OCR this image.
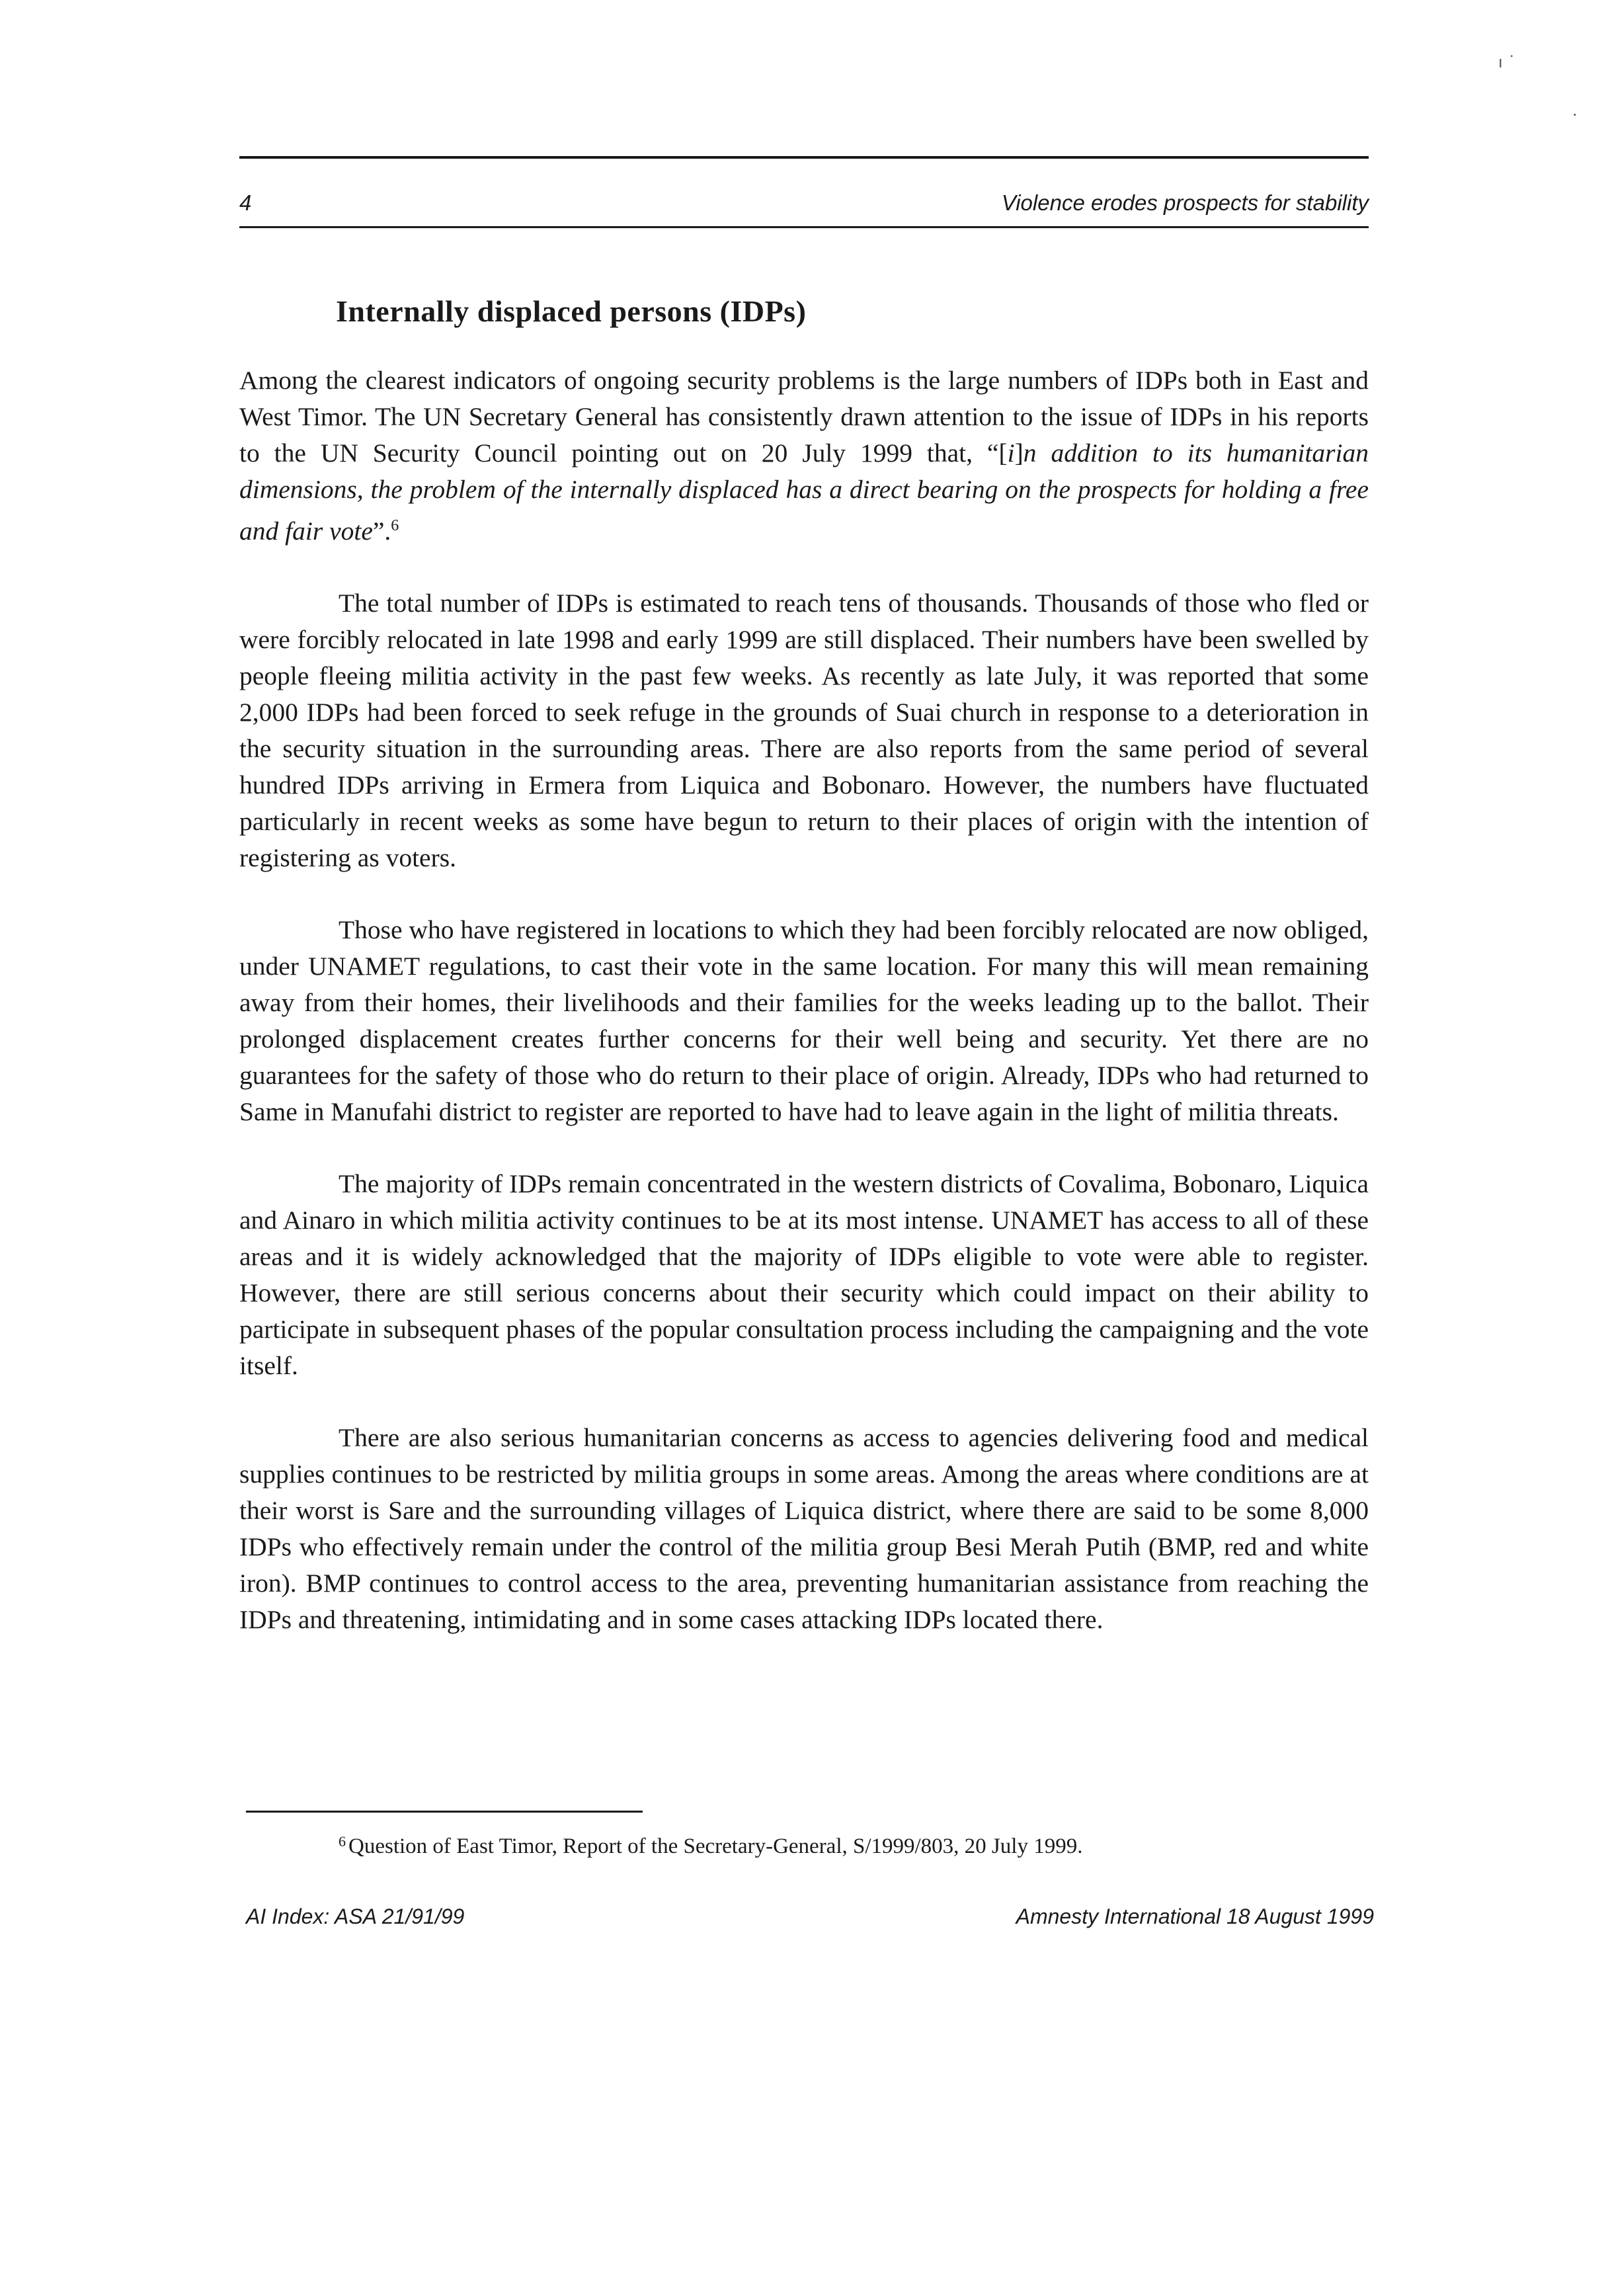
ı ˙
·
4	Violence erodes prospects for stability
Internally displaced persons (IDPs)

Among the clearest indicators of ongoing security problems is the large numbers of IDPs both in East and West Timor. The UN Secretary General has consistently drawn attention to the issue of IDPs in his reports to the UN Security Council pointing out on 20 July 1999 that, “[i]n addition to its humanitarian dimensions, the problem of the internally displaced has a direct bearing on the prospects for holding a free and fair vote”.$^6$

The total number of IDPs is estimated to reach tens of thousands. Thousands of those who fled or were forcibly relocated in late 1998 and early 1999 are still displaced. Their numbers have been swelled by people fleeing militia activity in the past few weeks. As recently as late July, it was reported that some 2,000 IDPs had been forced to seek refuge in the grounds of Suai church in response to a deterioration in the security situation in the surrounding areas. There are also reports from the same period of several hundred IDPs arriving in Ermera from Liquica and Bobonaro. However, the numbers have fluctuated particularly in recent weeks as some have begun to return to their places of origin with the intention of registering as voters.

Those who have registered in locations to which they had been forcibly relocated are now obliged, under UNAMET regulations, to cast their vote in the same location. For many this will mean remaining away from their homes, their livelihoods and their families for the weeks leading up to the ballot. Their prolonged displacement creates further concerns for their well being and security. Yet there are no guarantees for the safety of those who do return to their place of origin. Already, IDPs who had returned to Same in Manufahi district to register are reported to have had to leave again in the light of militia threats.

The majority of IDPs remain concentrated in the western districts of Covalima, Bobonaro, Liquica and Ainaro in which militia activity continues to be at its most intense. UNAMET has access to all of these areas and it is widely acknowledged that the majority of IDPs eligible to vote were able to register. However, there are still serious concerns about their security which could impact on their ability to participate in subsequent phases of the popular consultation process including the campaigning and the vote itself.

There are also serious humanitarian concerns as access to agencies delivering food and medical supplies continues to be restricted by militia groups in some areas. Among the areas where conditions are at their worst is Sare and the surrounding villages of Liquica district, where there are said to be some 8,000 IDPs who effectively remain under the control of the militia group Besi Merah Putih (BMP, red and white iron). BMP continues to control access to the area, preventing humanitarian assistance from reaching the IDPs and threatening, intimidating and in some cases attacking IDPs located there.

$^6$ Question of East Timor, Report of the Secretary-General, S/1999/803, 20 July 1999.

AI Index: ASA 21/91/99	Amnesty International 18 August 1999
